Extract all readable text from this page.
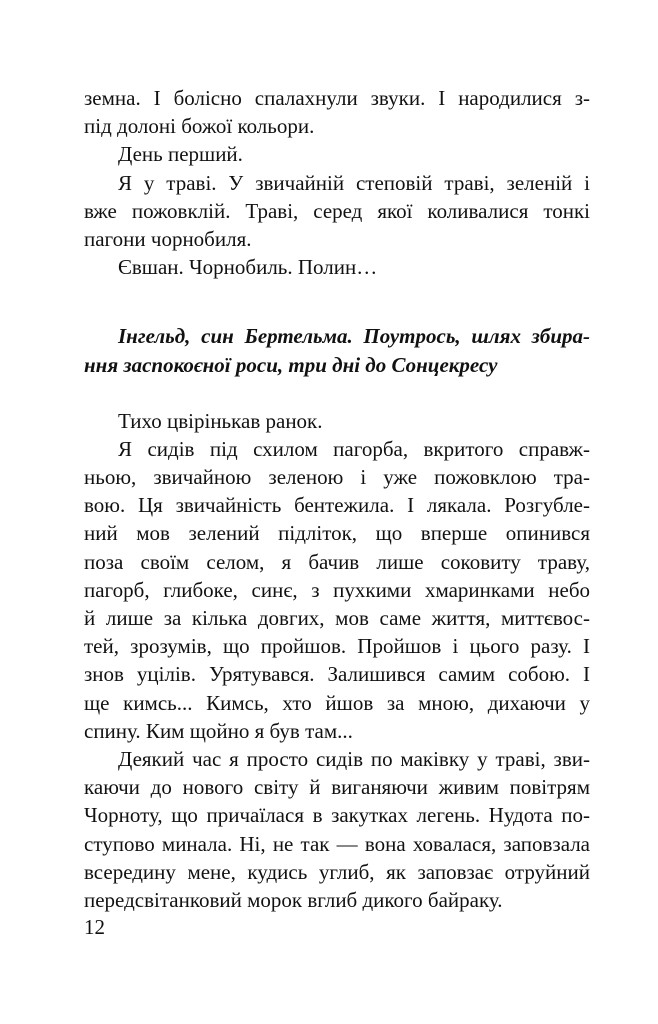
земна. І болісно спалахнули звуки. І народилися з-
під долоні божої кольори.
День перший.
Я у траві. У звичайній степовій траві, зеленій і
вже пожовклій. Траві, серед якої коливалися тонкі
пагони чорнобиля.
Євшан. Чорнобиль. Полин…
Інгельд, син Бертельма. Поутрось, шлях збира-
ння заспокоєної роси, три дні до Сонцекресу
Тихо цвірінькав ранок.
Я сидів під схилом пагорба, вкритого справж-
ньою, звичайною зеленою і уже пожовклою тра-
вою. Ця звичайність бентежила. І лякала. Розгублe-
ний мов зелений підліток, що вперше опинився
поза своїм селом, я бачив лише соковиту траву,
пагорб, глибоке, синє, з пухкими хмаринками небо
й лише за кілька довгих, мов саме життя, миттєвос-
тей, зрозумів, що пройшов. Пройшов і цього разу. І
знов уцілів. Урятувався. Залишився самим собою. І
ще кимсь... Кимсь, хто йшов за мною, дихаючи у
спину. Ким щойно я був там...
Деякий час я просто сидів по маківку у траві, зви-
каючи до нового світу й виганяючи живим повітрям
Чорноту, що причаїлася в закутках легень. Нудота по-
ступово минала. Ні, не так — вона ховалася, заповзала
всередину мене, кудись углиб, як заповзає отруйний
передсвітанковий морок вглиб дикого байраку.
12
